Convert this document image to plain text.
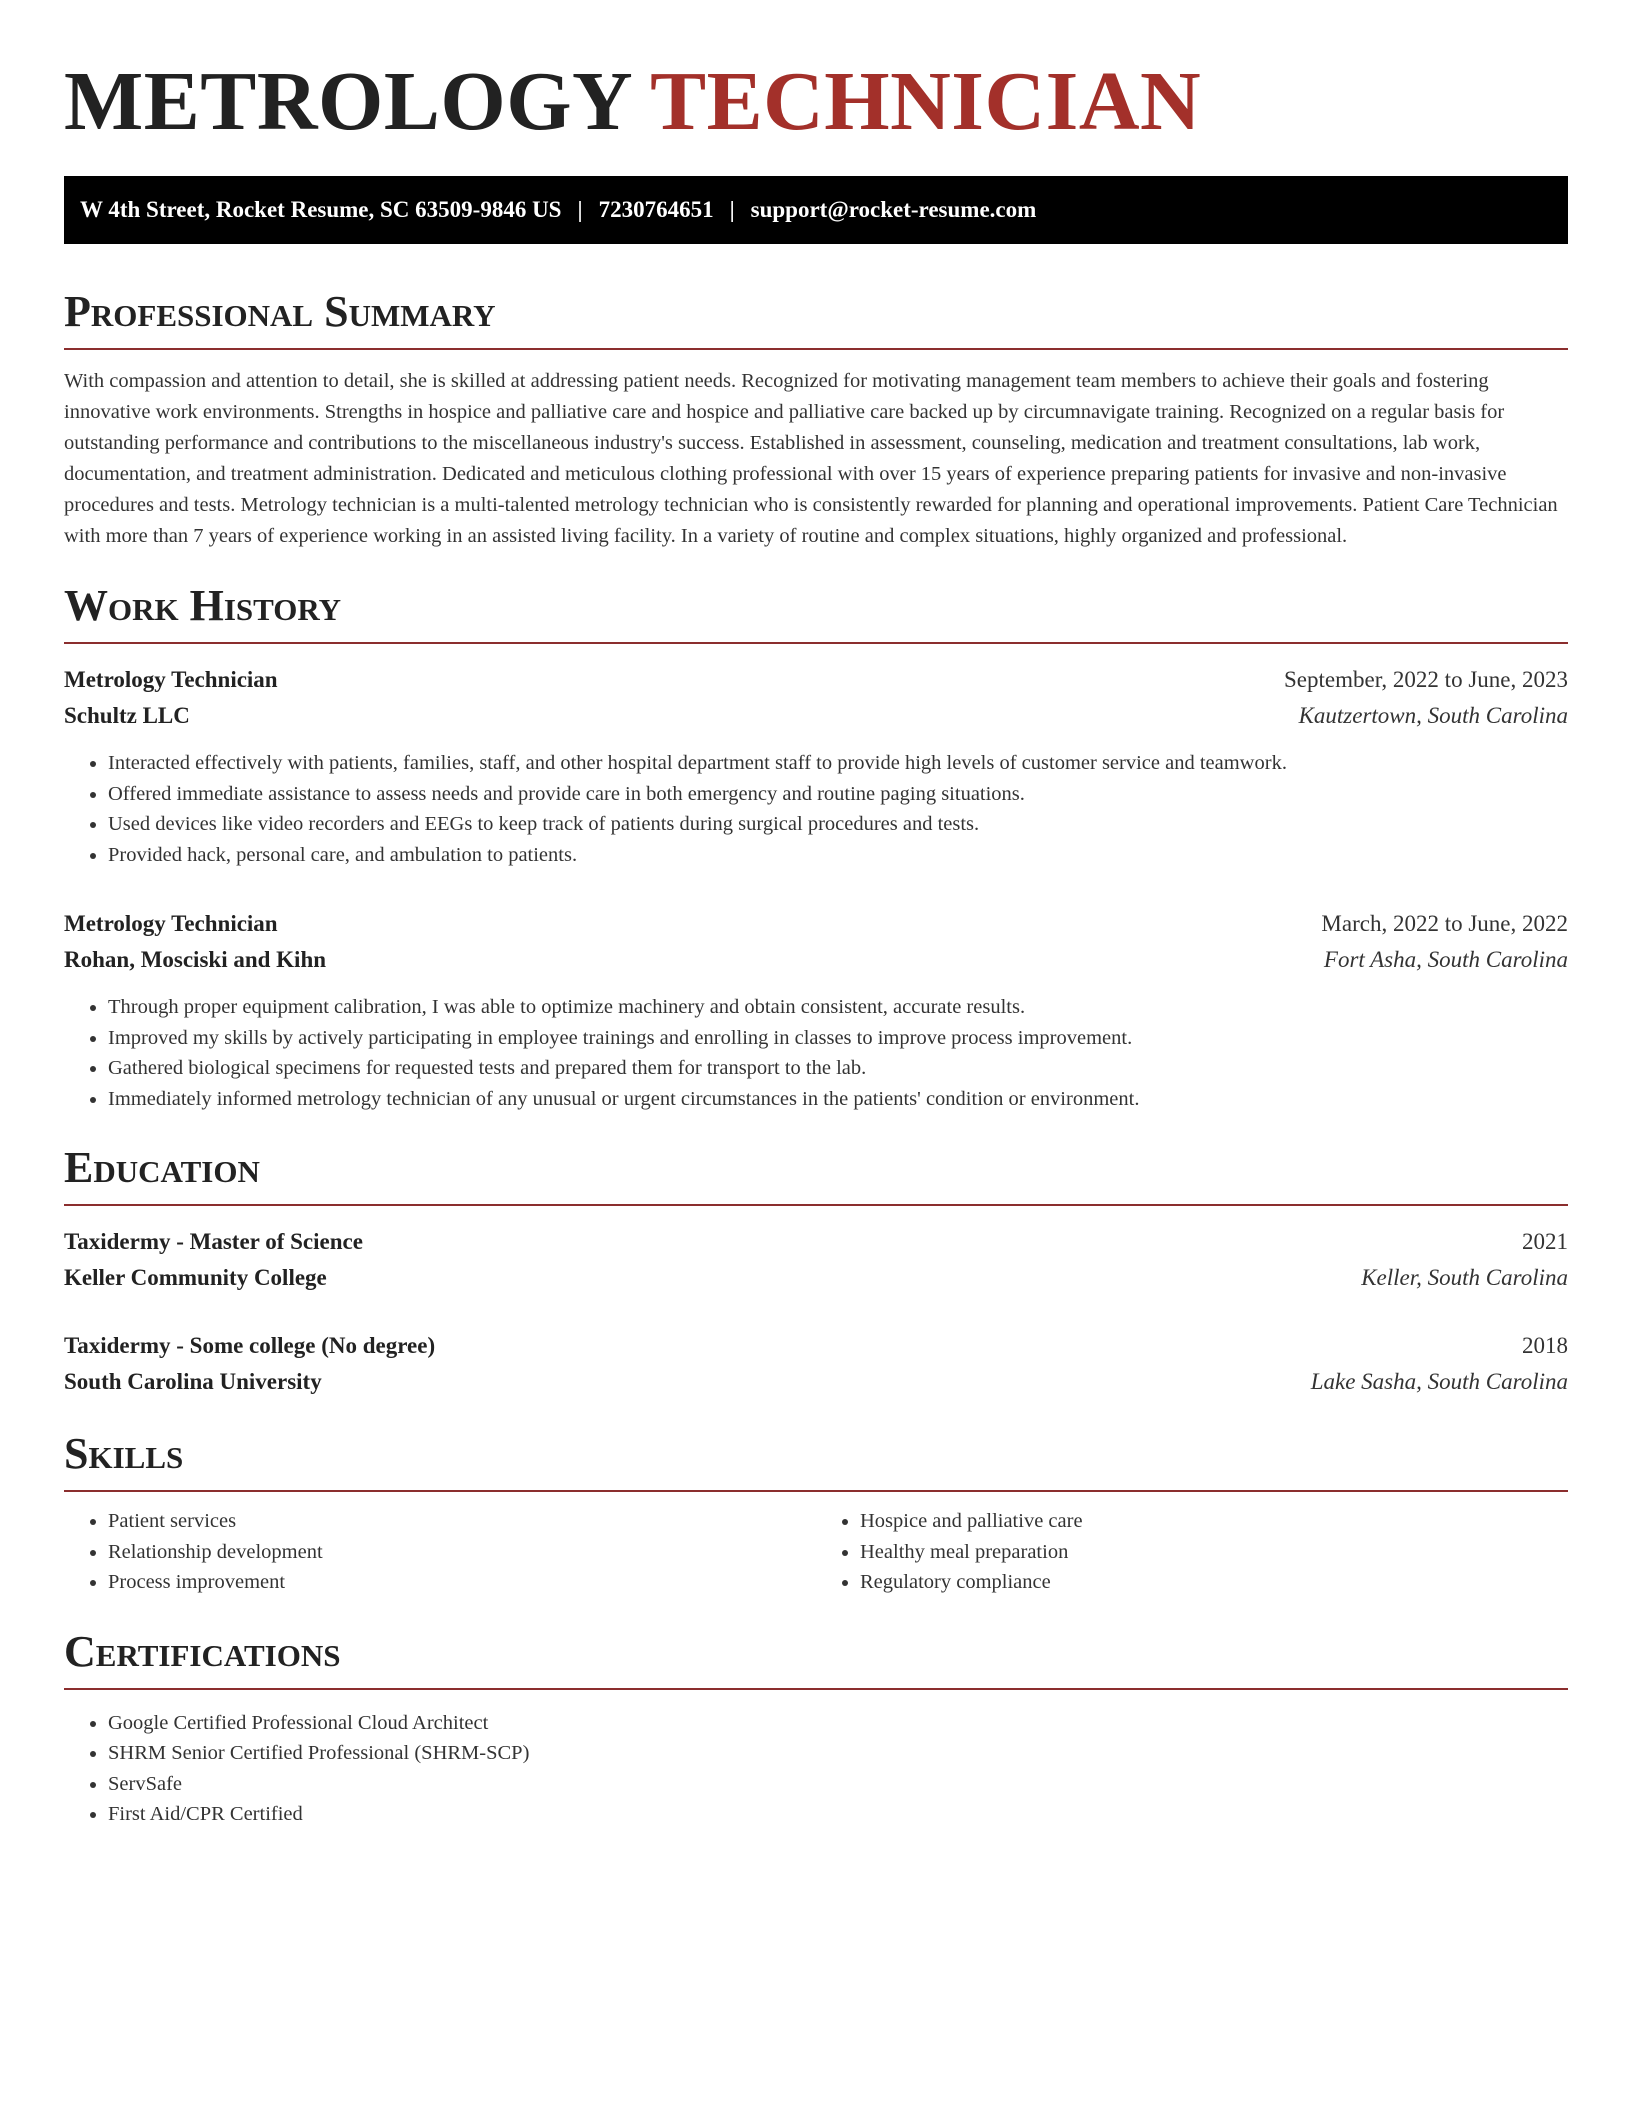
METROLOGY TECHNICIAN
W 4th Street, Rocket Resume, SC 63509-9846 US | 7230764651 | support@rocket-resume.com
Professional Summary

With compassion and attention to detail, she is skilled at addressing patient needs. Recognized for motivating management team members to achieve their goals and fostering innovative work environments. Strengths in hospice and palliative care and hospice and palliative care backed up by circumnavigate training. Recognized on a regular basis for outstanding performance and contributions to the miscellaneous industry's success. Established in assessment, counseling, medication and treatment consultations, lab work, documentation, and treatment administration. Dedicated and meticulous clothing professional with over 15 years of experience preparing patients for invasive and non-invasive procedures and tests. Metrology technician is a multi-talented metrology technician who is consistently rewarded for planning and operational improvements. Patient Care Technician with more than 7 years of experience working in an assisted living facility. In a variety of routine and complex situations, highly organized and professional.

Work History
Metrology Technician	September, 2022 to June, 2023
Schultz LLC	Kautzertown, South Carolina
• Interacted effectively with patients, families, staff, and other hospital department staff to provide high levels of customer service and teamwork.
• Offered immediate assistance to assess needs and provide care in both emergency and routine paging situations.
• Used devices like video recorders and EEGs to keep track of patients during surgical procedures and tests.
• Provided hack, personal care, and ambulation to patients.
Metrology Technician	March, 2022 to June, 2022
Rohan, Mosciski and Kihn	Fort Asha, South Carolina
• Through proper equipment calibration, I was able to optimize machinery and obtain consistent, accurate results.
• Improved my skills by actively participating in employee trainings and enrolling in classes to improve process improvement.
• Gathered biological specimens for requested tests and prepared them for transport to the lab.
• Immediately informed metrology technician of any unusual or urgent circumstances in the patients' condition or environment.
Education
Taxidermy - Master of Science	2021
Keller Community College	Keller, South Carolina
Taxidermy - Some college (No degree)	2018
South Carolina University	Lake Sasha, South Carolina
Skills
• Patient services
• Relationship development
• Process improvement
• Hospice and palliative care
• Healthy meal preparation
• Regulatory compliance
Certifications
• Google Certified Professional Cloud Architect
• SHRM Senior Certified Professional (SHRM-SCP)
• ServSafe
• First Aid/CPR Certified
